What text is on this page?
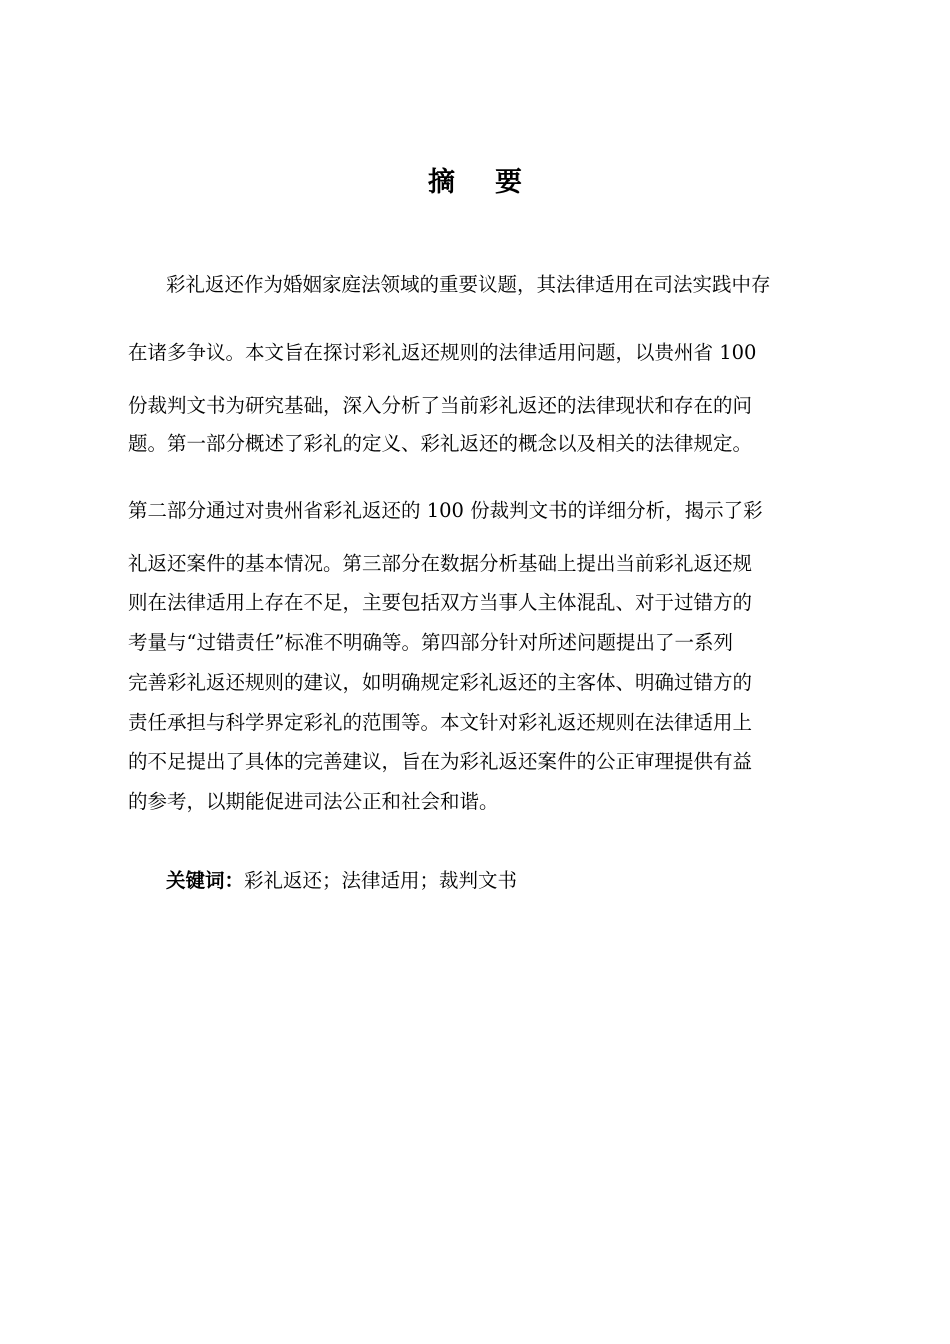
摘 要

彩礼返还作为婚姻家庭法领域的重要议题，其法律适用在司法实践中存

在诸多争议。本文旨在探讨彩礼返还规则的法律适用问题，以贵州省 100

份裁判文书为研究基础，深入分析了当前彩礼返还的法律现状和存在的问

题。第一部分概述了彩礼的定义、彩礼返还的概念以及相关的法律规定。

第二部分通过对贵州省彩礼返还的 100 份裁判文书的详细分析，揭示了彩

礼返还案件的基本情况。第三部分在数据分析基础上提出当前彩礼返还规

则在法律适用上存在不足，主要包括双方当事人主体混乱、对于过错方的

考量与“过错责任”标准不明确等。第四部分针对所述问题提出了一系列

完善彩礼返还规则的建议，如明确规定彩礼返还的主客体、明确过错方的

责任承担与科学界定彩礼的范围等。本文针对彩礼返还规则在法律适用上

的不足提出了具体的完善建议，旨在为彩礼返还案件的公正审理提供有益

的参考，以期能促进司法公正和社会和谐。

关键词：彩礼返还；法律适用；裁判文书
